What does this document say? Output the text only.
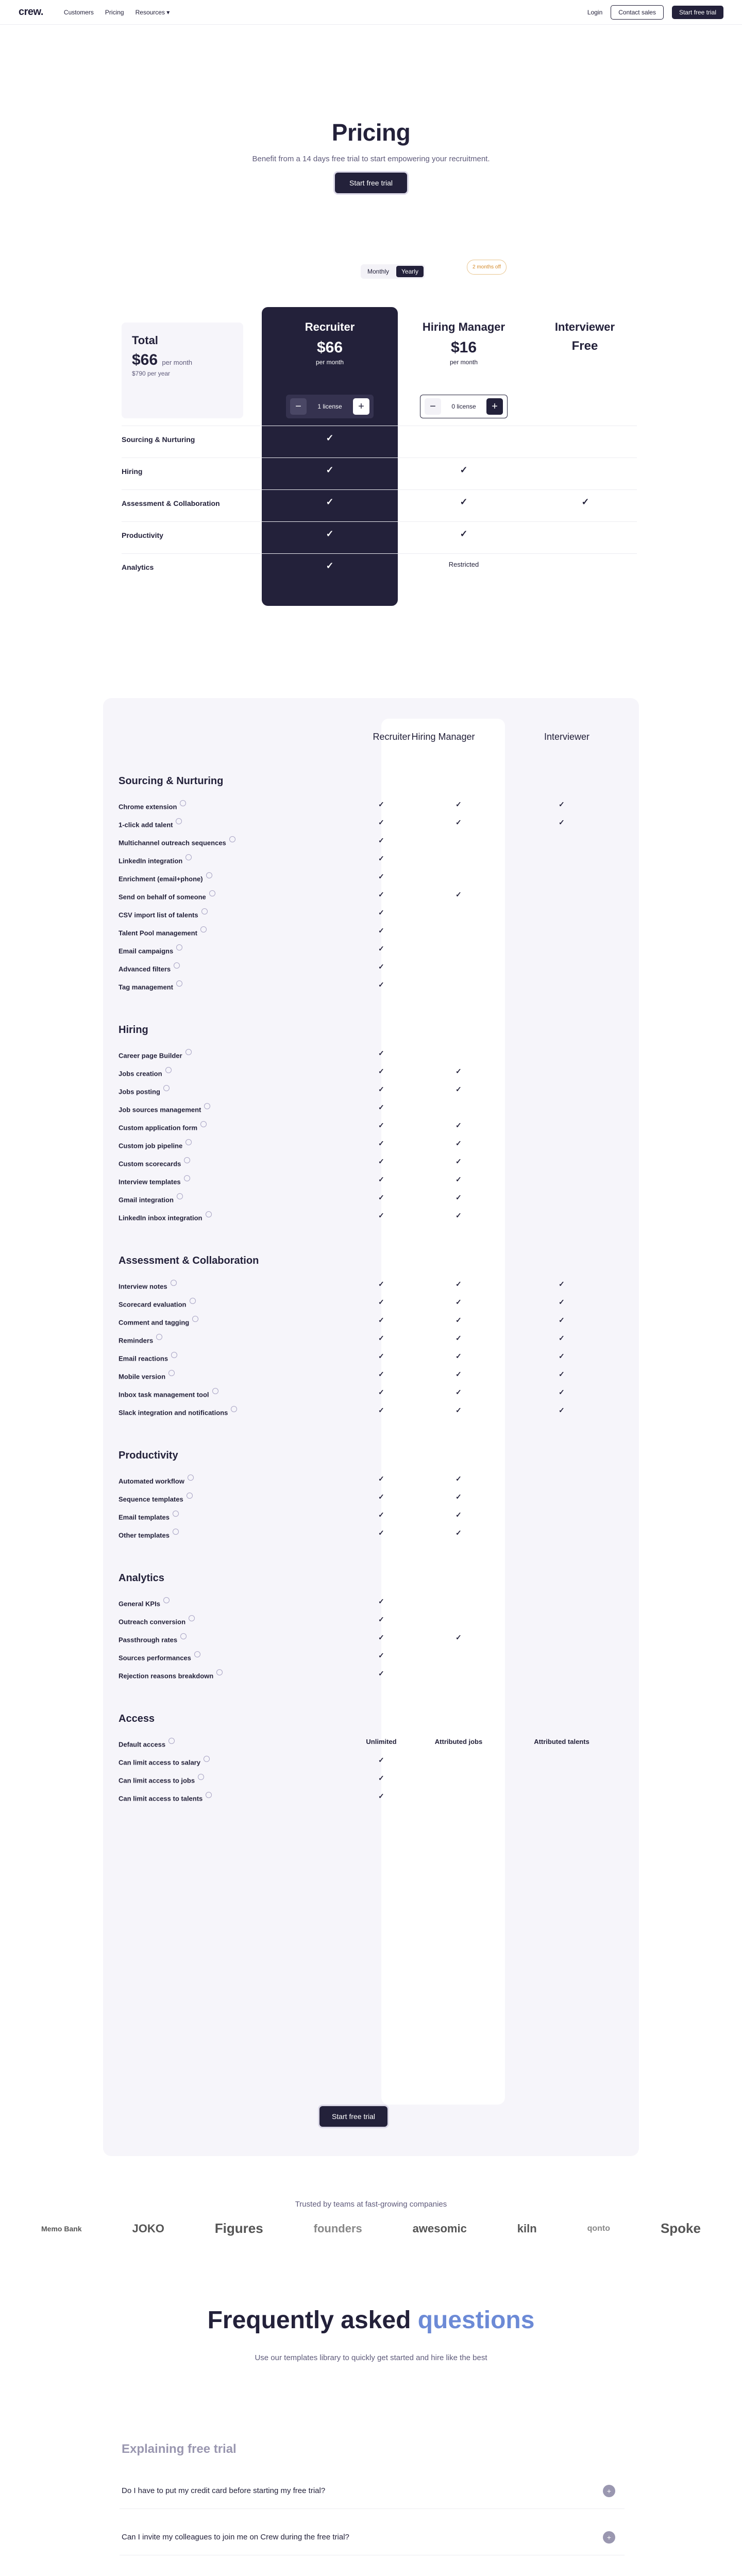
crew.	Customers Pricing Resources ▾	Login	Contact sales	Start free trial
Pricing

Benefit from a 14 days free trial to start empowering your recruitment.

Start free trial
Monthly	Yearly
2 months off
Total
$66 per month
$790 per year
Recruiter
$66
per month
−	1 license	+
Hiring Manager
$16
per month
−	0 license	+
Interviewer
Free
Sourcing & Nurturing	✓
Hiring	✓	✓
Assessment & Collaboration	✓	✓	✓
Productivity	✓	✓
Analytics	✓	Restricted
Recruiter Hiring Manager	Interviewer
Sourcing & Nurturing
Chrome extension	✓	✓	✓
1-click add talent	✓	✓	✓
Multichannel outreach sequences	✓
LinkedIn integration	✓
Enrichment (email+phone)	✓
Send on behalf of someone	✓	✓
CSV import list of talents	✓
Talent Pool management	✓
Email campaigns	✓
Advanced filters	✓
Tag management	✓
Hiring
Career page Builder	✓
Jobs creation	✓	✓
Jobs posting	✓	✓
Job sources management	✓
Custom application form	✓	✓
Custom job pipeline	✓	✓
Custom scorecards	✓	✓
Interview templates	✓	✓
Gmail integration	✓	✓
LinkedIn inbox integration	✓	✓
Assessment & Collaboration
Interview notes	✓	✓	✓
Scorecard evaluation	✓	✓	✓
Comment and tagging	✓	✓	✓
Reminders	✓	✓	✓
Email reactions	✓	✓	✓
Mobile version	✓	✓	✓
Inbox task management tool	✓	✓	✓
Slack integration and notifications	✓	✓	✓
Productivity
Automated workflow	✓	✓
Sequence templates	✓	✓
Email templates	✓	✓
Other templates	✓	✓
Analytics
General KPIs	✓
Outreach conversion	✓
Passthrough rates	✓	✓
Sources performances	✓
Rejection reasons breakdown	✓
Access
Default access	Unlimited	Attributed jobs	Attributed talents
Can limit access to salary	✓
Can limit access to jobs	✓
Can limit access to talents	✓
Start free trial
Trusted by teams at fast-growing companies
Memo Bank	JOKO	Figures	founders	awesomic	kiln	qonto	Spoke
Frequently asked questions
Use our templates library to quickly get started and hire like the best
Explaining free trial
Do I have to put my credit card before starting my free trial?	+
Can I invite my colleagues to join me on Crew during the free trial?	+
